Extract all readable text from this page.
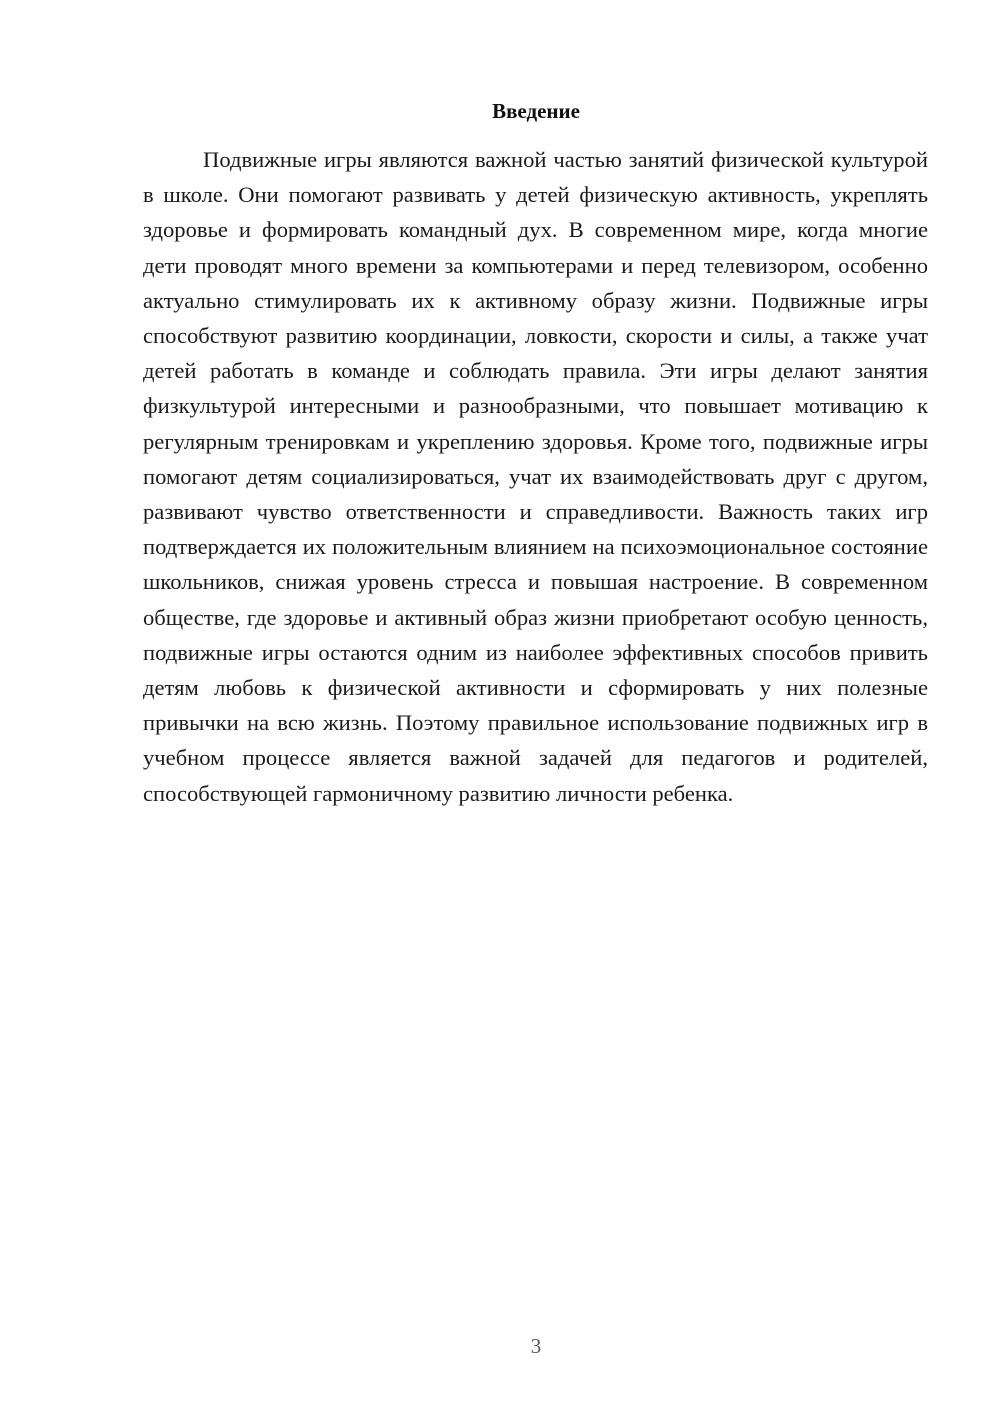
Введение

Подвижные игры являются важной частью занятий физической культурой в школе. Они помогают развивать у детей физическую активность, укреплять здоровье и формировать командный дух. В современном мире, когда многие дети проводят много времени за компьютерами и перед телевизором, особенно актуально стимулировать их к активному образу жизни. Подвижные игры способствуют развитию координации, ловкости, скорости и силы, а также учат детей работать в команде и соблюдать правила. Эти игры делают занятия физкультурой интересными и разнообразными, что повышает мотивацию к регулярным тренировкам и укреплению здоровья. Кроме того, подвижные игры помогают детям социализироваться, учат их взаимодействовать друг с другом, развивают чувство ответственности и справедливости. Важность таких игр подтверждается их положительным влиянием на психоэмоциональное состояние школьников, снижая уровень стресса и повышая настроение. В современном обществе, где здоровье и активный образ жизни приобретают особую ценность, подвижные игры остаются одним из наиболее эффективных способов привить детям любовь к физической активности и сформировать у них полезные привычки на всю жизнь. Поэтому правильное использование подвижных игр в учебном процессе является важной задачей для педагогов и родителей, способствующей гармоничному развитию личности ребенка.

3
